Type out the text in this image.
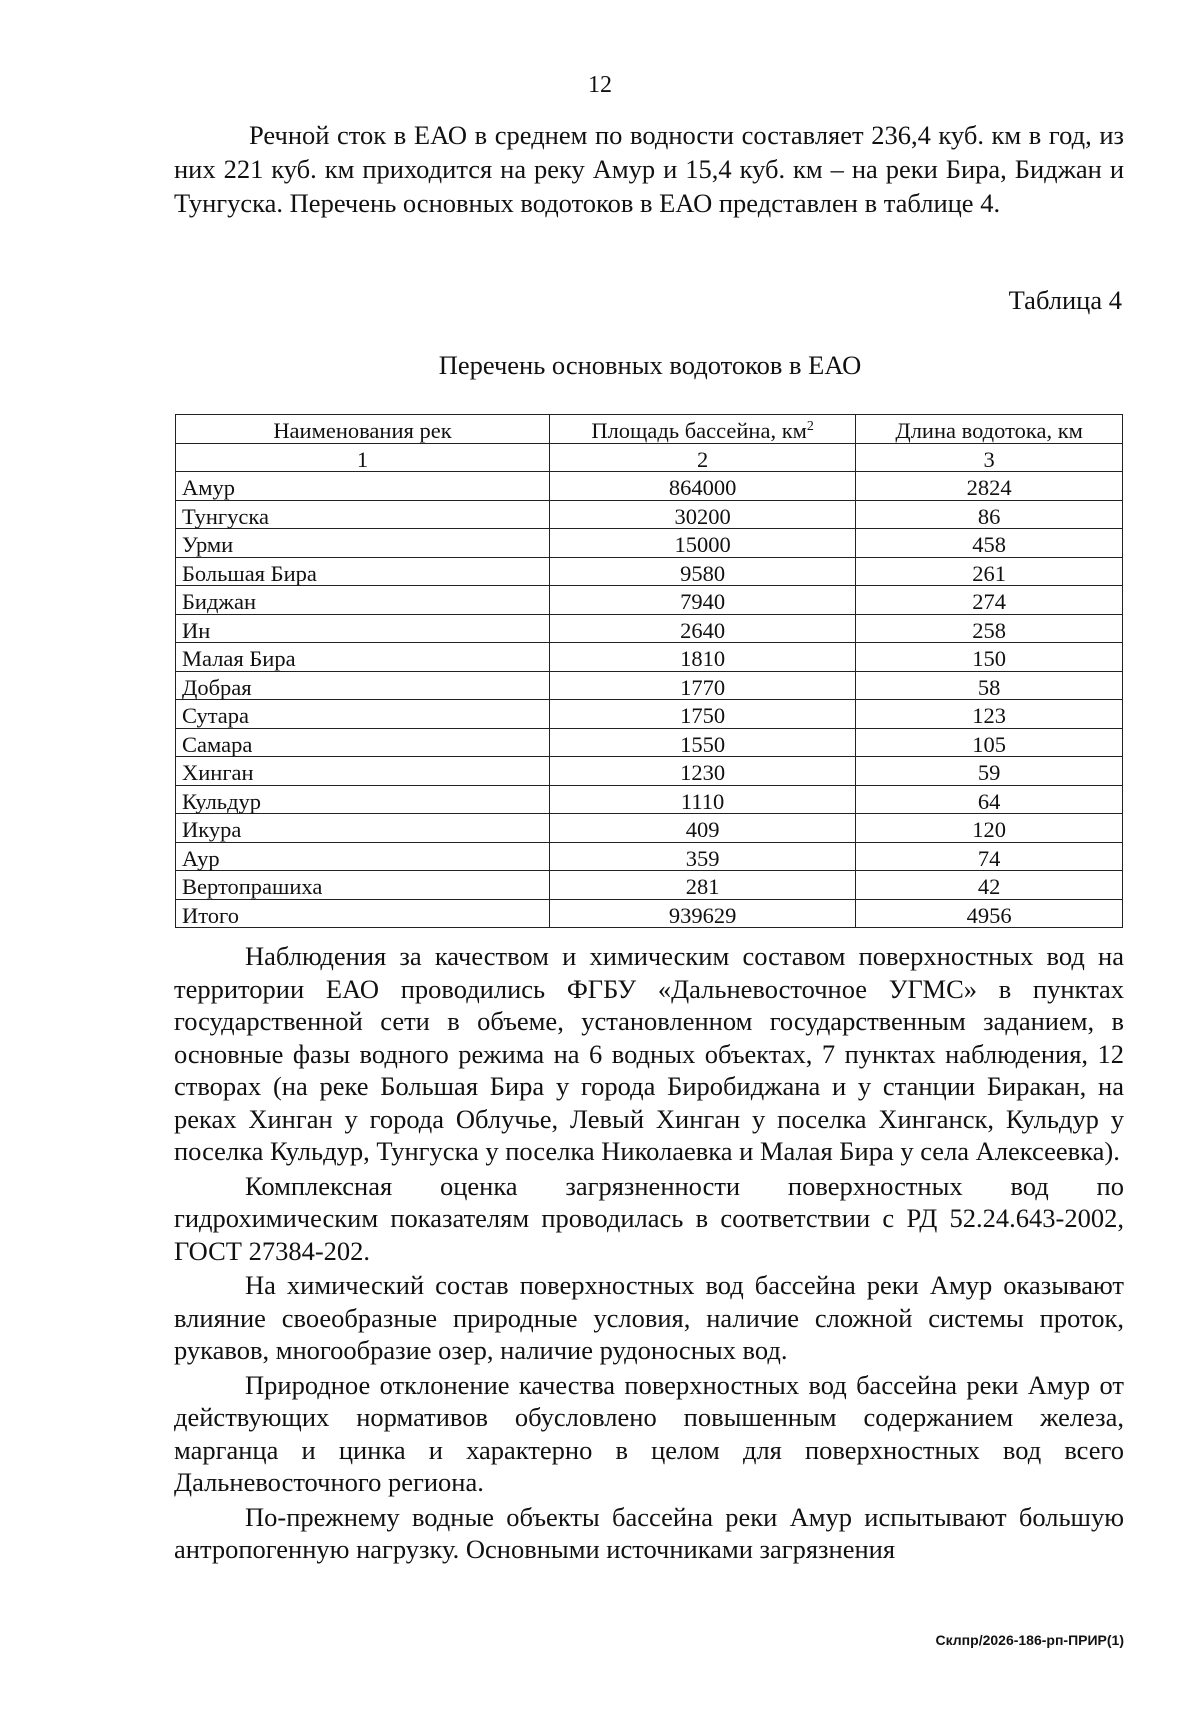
12

Речной сток в ЕАО в среднем по водности составляет 236,4 куб. км в год, из них 221 куб. км приходится на реку Амур и 15,4 куб. км – на реки Бира, Биджан и Тунгуска. Перечень основных водотоков в ЕАО представлен в таблице 4.

Таблица 4
Перечень основных водотоков в ЕАО
Наименования рек	Площадь бассейна, $км^2$	Длина водотока, км
1	2	3
Амур	864000	2824
Тунгуска	30200	86
Урми	15000	458
Большая Бира	9580	261
Биджан	7940	274
Ин	2640	258
Малая Бира	1810	150
Добрая	1770	58
Сутара	1750	123
Самара	1550	105
Хинган	1230	59
Кульдур	1110	64
Икура	409	120
Аур	359	74
Вертопрашиха	281	42
Итого	939629	4956

Наблюдения за качеством и химическим составом поверхностных вод на территории ЕАО проводились ФГБУ «Дальневосточное УГМС» в пунктах государственной сети в объеме, установленном государственным заданием, в основные фазы водного режима на 6 водных объектах, 7 пунктах наблюдения, 12 створах (на реке Большая Бира у города Биробиджана и у станции Биракан, на реках Хинган у города Облучье, Левый Хинган у поселка Хинганск, Кульдур у поселка Кульдур, Тунгуска у поселка Николаевка и Малая Бира у села Алексеевка).

Комплексная оценка загрязненности поверхностных вод по гидрохимическим показателям проводилась в соответствии с РД 52.24.643-2002, ГОСТ 27384-202.

На химический состав поверхностных вод бассейна реки Амур оказывают влияние своеобразные природные условия, наличие сложной системы проток, рукавов, многообразие озер, наличие рудоносных вод.

Природное отклонение качества поверхностных вод бассейна реки Амур от действующих нормативов обусловлено повышенным содержанием железа, марганца и цинка и характерно в целом для поверхностных вод всего Дальневосточного региона.

По-прежнему водные объекты бассейна реки Амур испытывают большую антропогенную нагрузку. Основными источниками загрязнения

Склпр/2026-186-рп-ПРИР(1)
